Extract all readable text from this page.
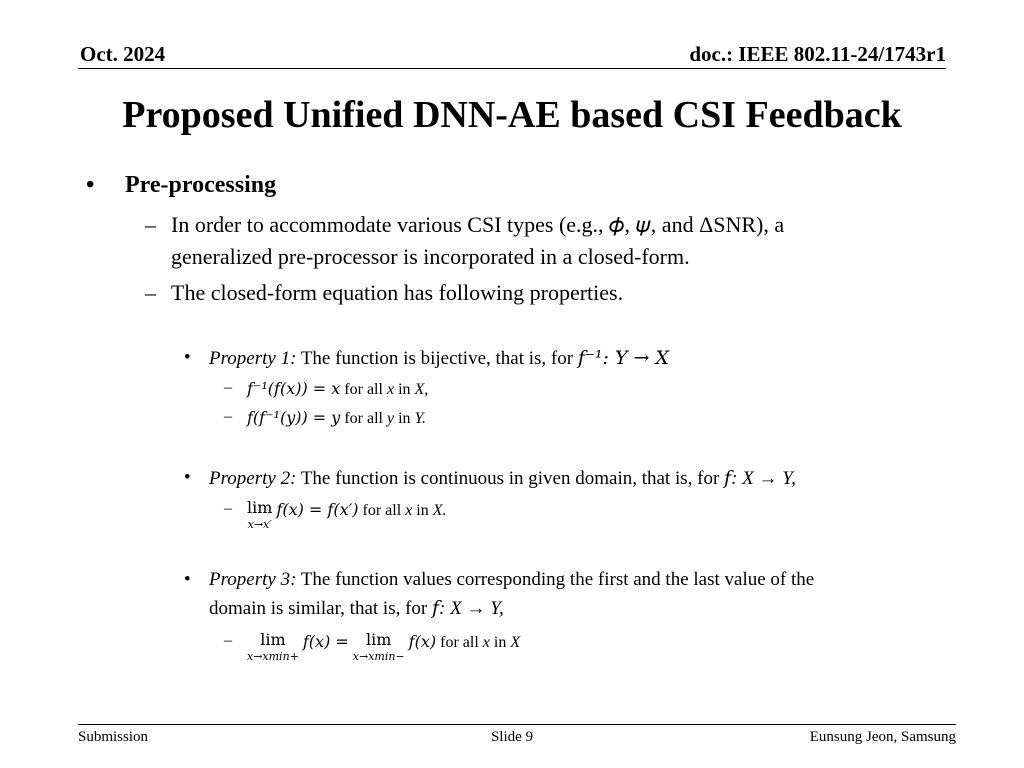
Oct. 2024	doc.: IEEE 802.11-24/1743r1
Proposed Unified DNN-AE based CSI Feedback
• Pre-processing
– In order to accommodate various CSI types (e.g., 𝜙, 𝜓, and ΔSNR), a
generalized pre-processor is incorporated in a closed-form.
– The closed-form equation has following properties.
• Property 1: The function is bijective, that is, for f⁻¹: Y → X
– f⁻¹(f(x)) = x for all x in X,
– f(f⁻¹(y)) = y for all y in Y.
• Property 2: The function is continuous in given domain, that is, for f: X → Y,
– lim
x→x′
f(x) = f(x′) for all x in X.
• Property 3: The function values corresponding the first and the last value of the
domain is similar, that is, for f: X → Y,
–	lim
x→xmin+
f(x) = lim
x→xmin−
f(x) for all x in X
Submission	Slide 9	Eunsung Jeon, Samsung
